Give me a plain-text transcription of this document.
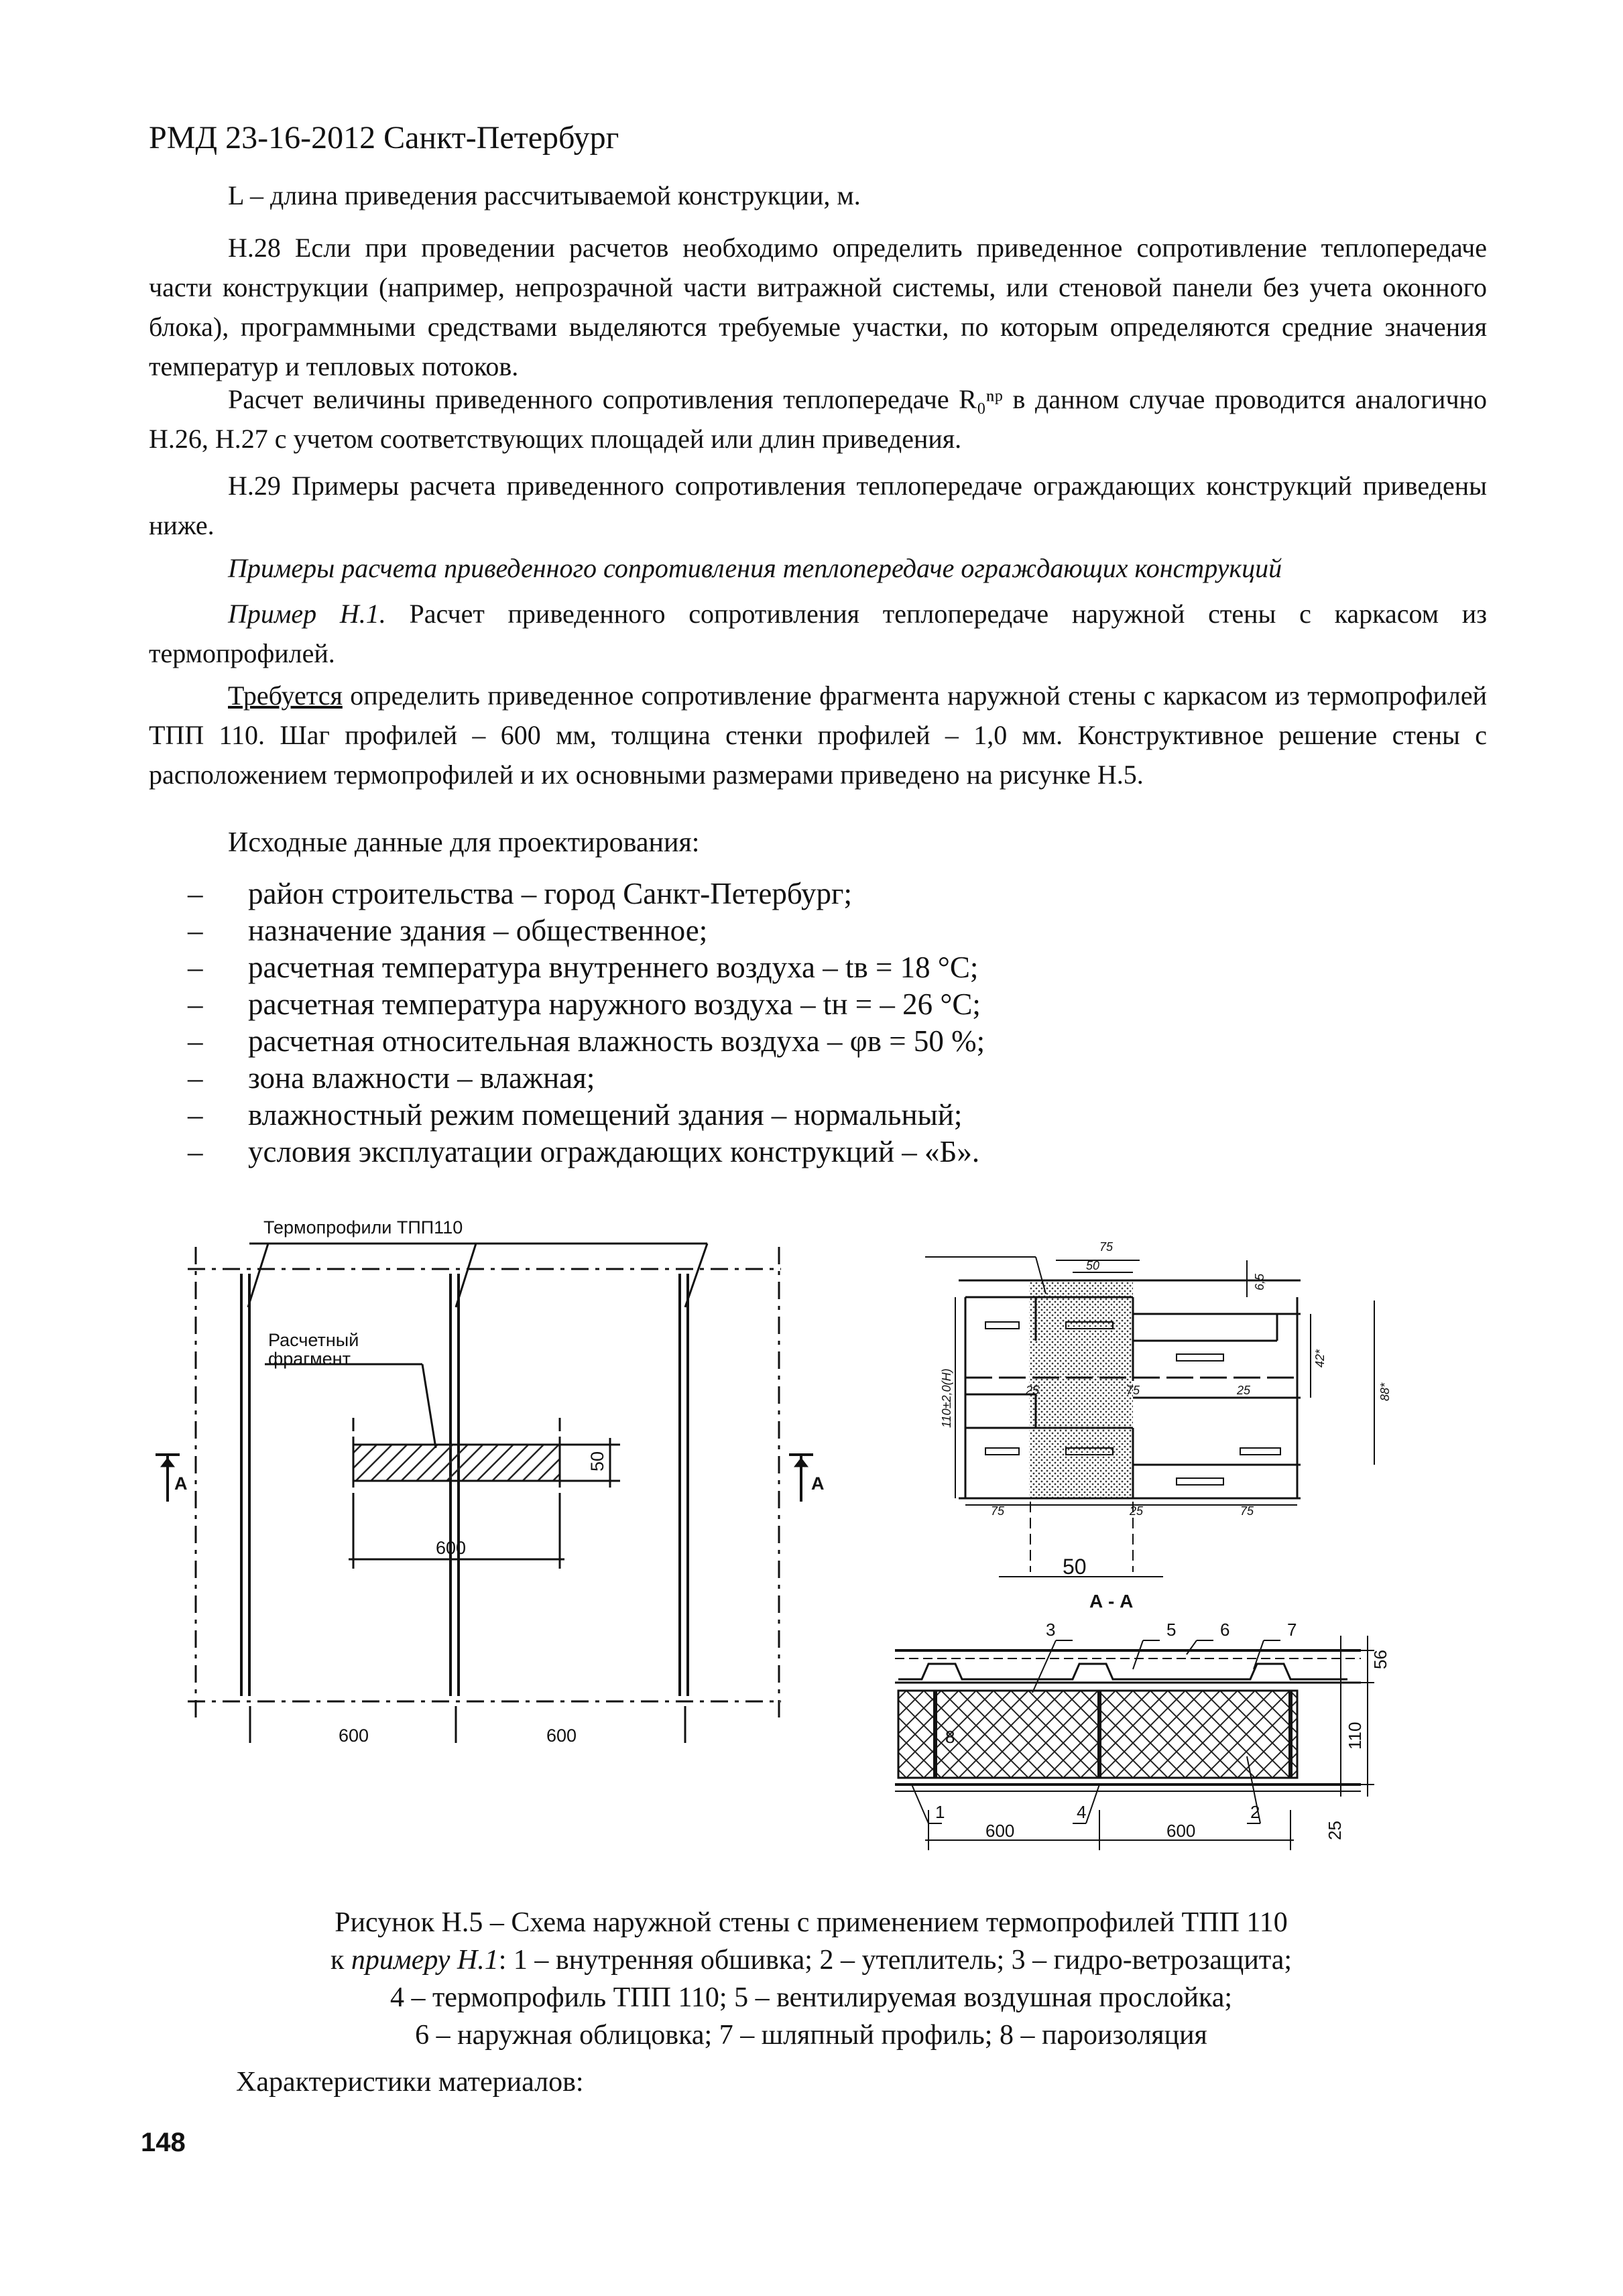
РМД 23-16-2012 Санкт-Петербург

L – длина приведения рассчитываемой конструкции, м.

Н.28 Если при проведении расчетов необходимо определить приведенное сопротивление теплопередаче части конструкции (например, непрозрачной части витражной системы, или стеновой панели без учета оконного блока), программными средствами выделяются требуемые участки, по которым определяются средние значения температур и тепловых потоков.

Расчет величины приведенного сопротивления теплопередаче R₀ⁿᵖ в данном случае проводится аналогично Н.26, Н.27 с учетом соответствующих площадей или длин приведения.

Н.29 Примеры расчета приведенного сопротивления теплопередаче ограждающих конструкций приведены ниже.

Примеры расчета приведенного сопротивления теплопередаче ограждающих конструкций

Пример Н.1. Расчет приведенного сопротивления теплопередаче наружной стены с каркасом из термопрофилей.

Требуется определить приведенное сопротивление фрагмента наружной стены с каркасом из термопрофилей ТПП 110. Шаг профилей – 600 мм, толщина стенки профилей – 1,0 мм. Конструктивное решение стены с расположением термопрофилей и их основными размерами приведено на рисунке Н.5.

Исходные данные для проектирования:

– район строительства – город Санкт-Петербург;
– назначение здания – общественное;
– расчетная температура внутреннего воздуха – tв = 18 °С;
– расчетная температура наружного воздуха – tн = – 26 °С;
– расчетная относительная влажность воздуха – φв = 50 %;
– зона влажности – влажная;
– влажностный режим помещений здания – нормальный;
– условия эксплуатации ограждающих конструкций – «Б».
Термопрофили ТПП110
Расчетный
фрагмент
600
50
600	600
А	А
75
50
6,5
110±2,0(H)
42*
88*
25	75	25
75	25	75
50
А - А
3	5	6	7
8
1	4	2
56
110
25
600	600
Рисунок Н.5 – Схема наружной стены с применением термопрофилей ТПП 110
к примеру Н.1: 1 – внутренняя обшивка; 2 – утеплитель; 3 – гидро-ветрозащита;
4 – термопрофиль ТПП 110; 5 – вентилируемая воздушная прослойка;
6 – наружная облицовка; 7 – шляпный профиль; 8 – пароизоляция
Характеристики материалов:
148
